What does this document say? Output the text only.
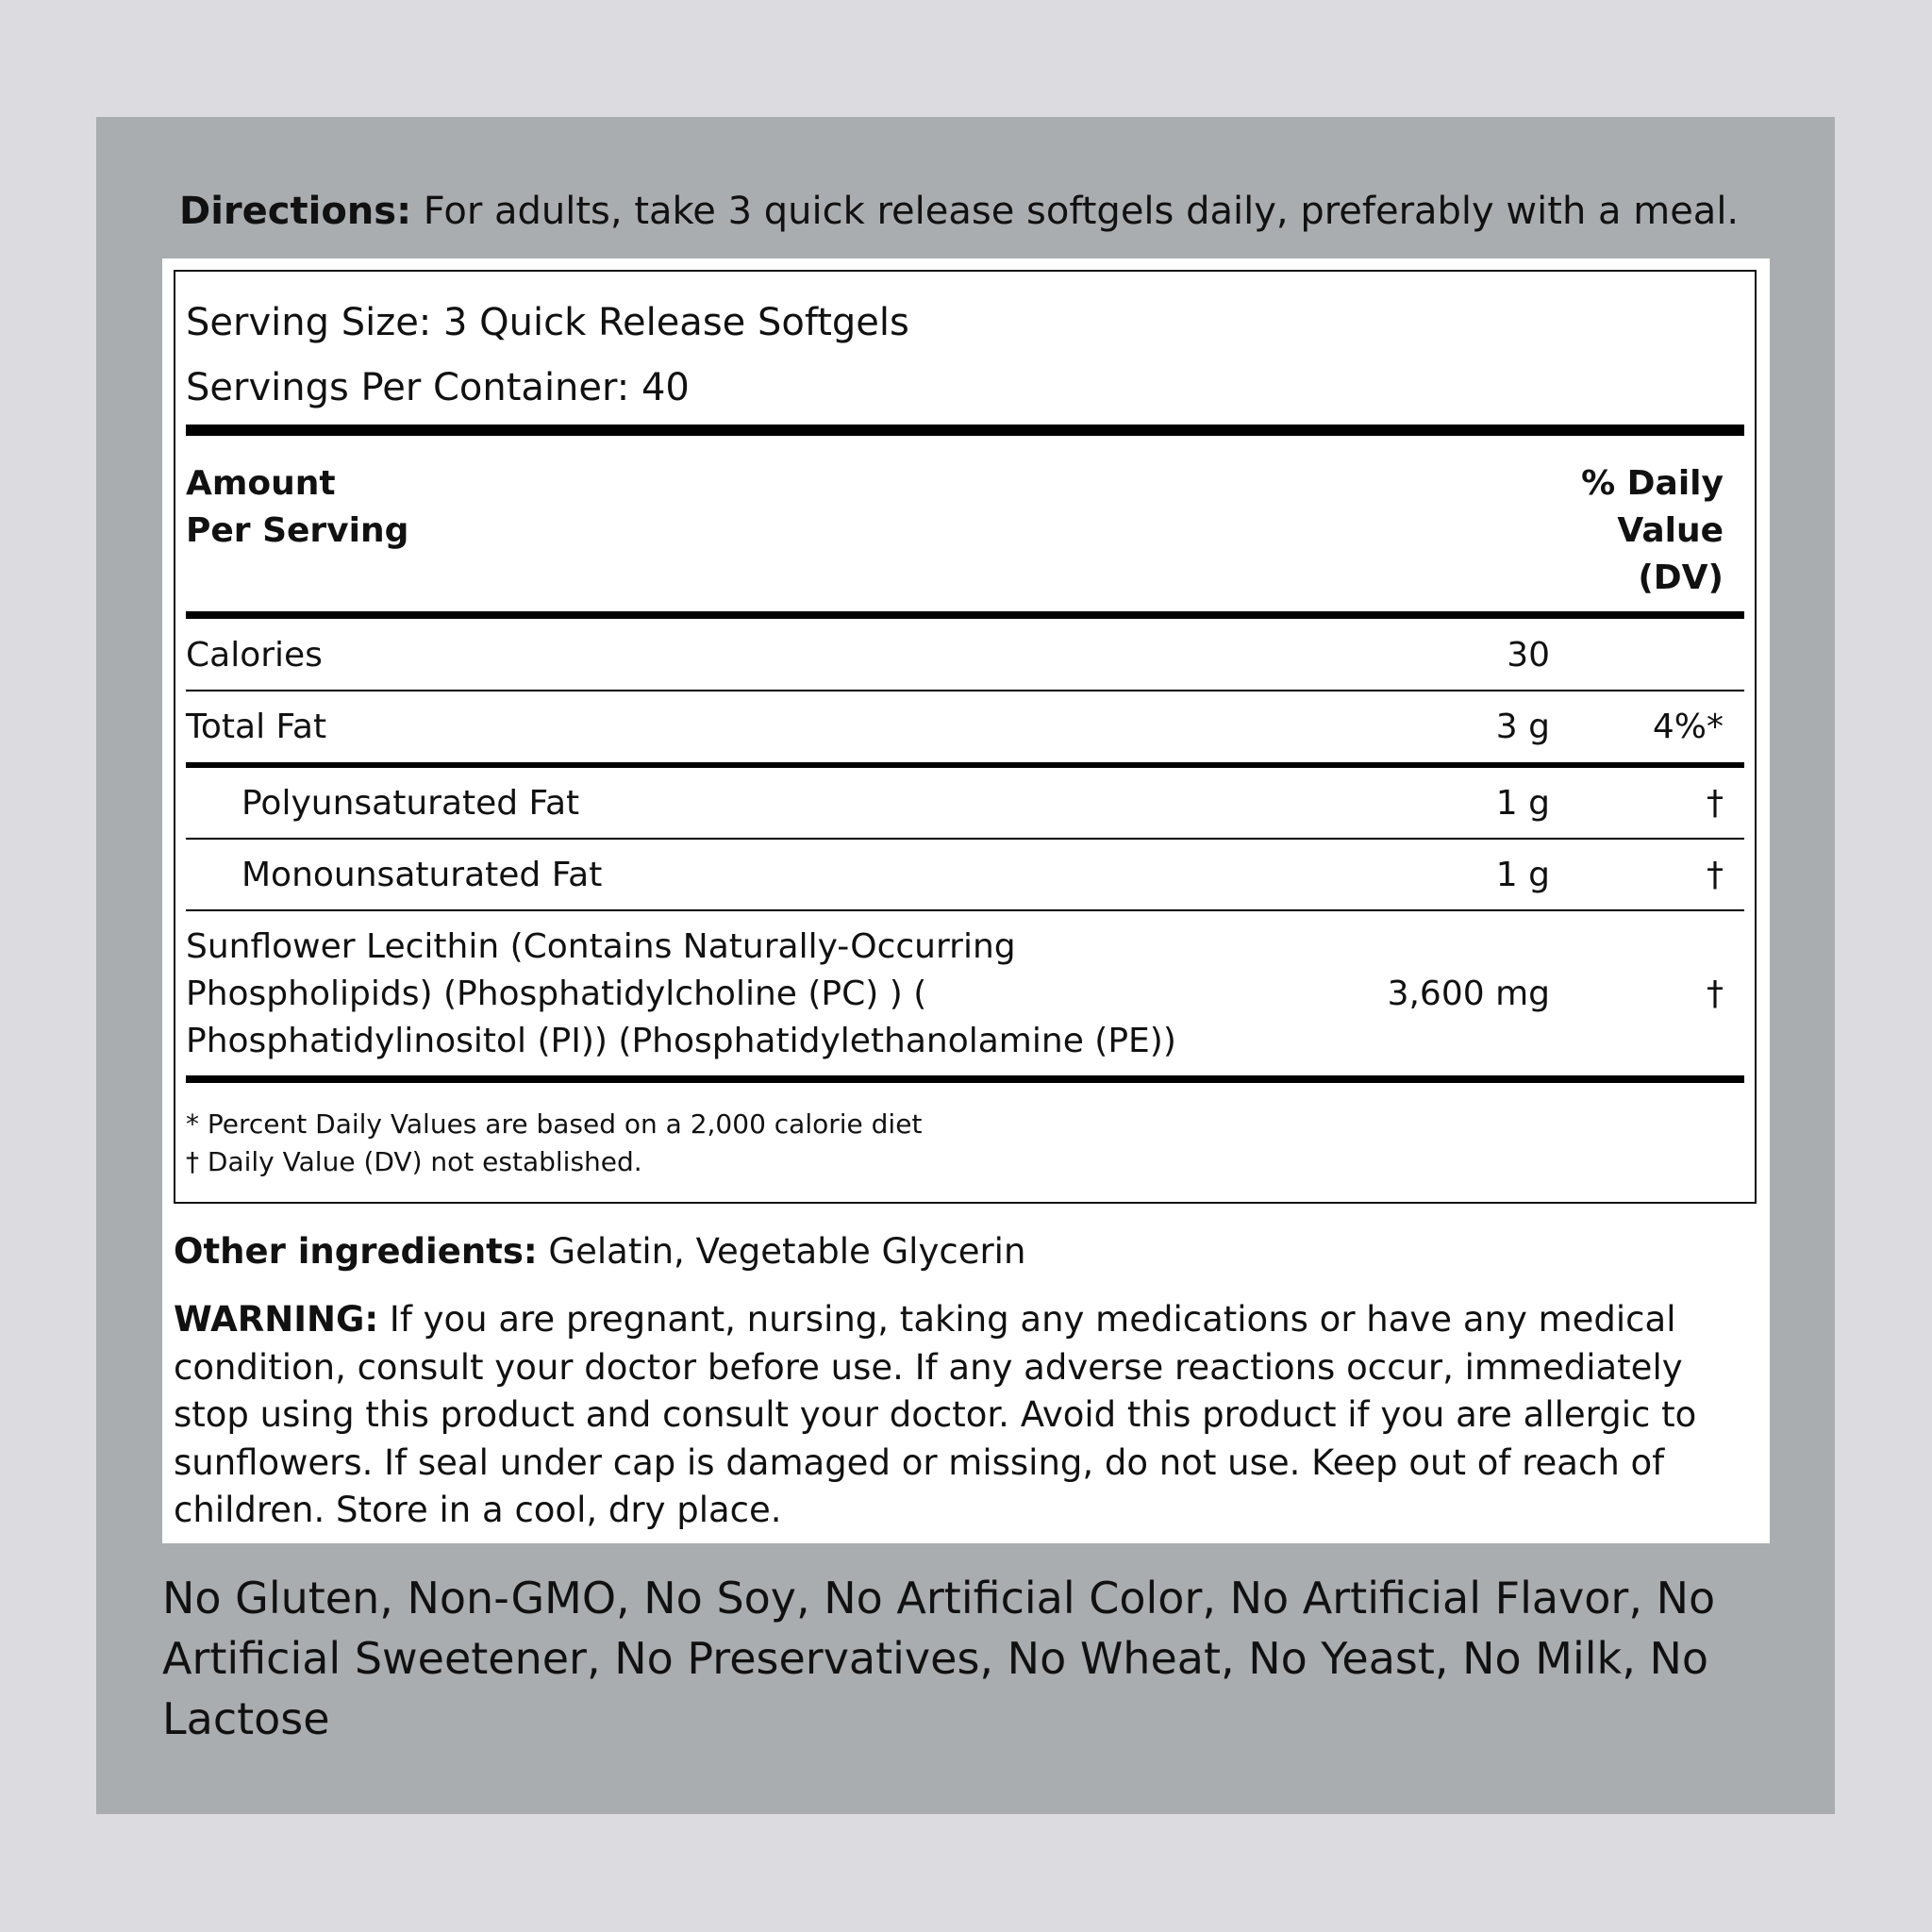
Directions: For adults, take 3 quick release softgels daily, preferably with a meal.
Serving Size: 3 Quick Release Softgels
Servings Per Container: 40
Amount
Per Serving
% Daily
Value
(DV)
Calories	30
Total Fat	3 g	4%*
Polyunsaturated Fat	1 g	†
Monounsaturated Fat	1 g	†
Sunflower Lecithin (Contains Naturally-Occurring
Phospholipids) (Phosphatidylcholine (PC) ) (
Phosphatidylinositol (PI)) (Phosphatidylethanolamine (PE))
3,600 mg	†
* Percent Daily Values are based on a 2,000 calorie diet
† Daily Value (DV) not established.
Other ingredients: Gelatin, Vegetable Glycerin
WARNING: If you are pregnant, nursing, taking any medications or have any medical condition, consult your doctor before use. If any adverse reactions occur, immediately stop using this product and consult your doctor. Avoid this product if you are allergic to sunflowers. If seal under cap is damaged or missing, do not use. Keep out of reach of children. Store in a cool, dry place.
No Gluten, Non-GMO, No Soy, No Artificial Color, No Artificial Flavor, No Artificial Sweetener, No Preservatives, No Wheat, No Yeast, No Milk, No Lactose
